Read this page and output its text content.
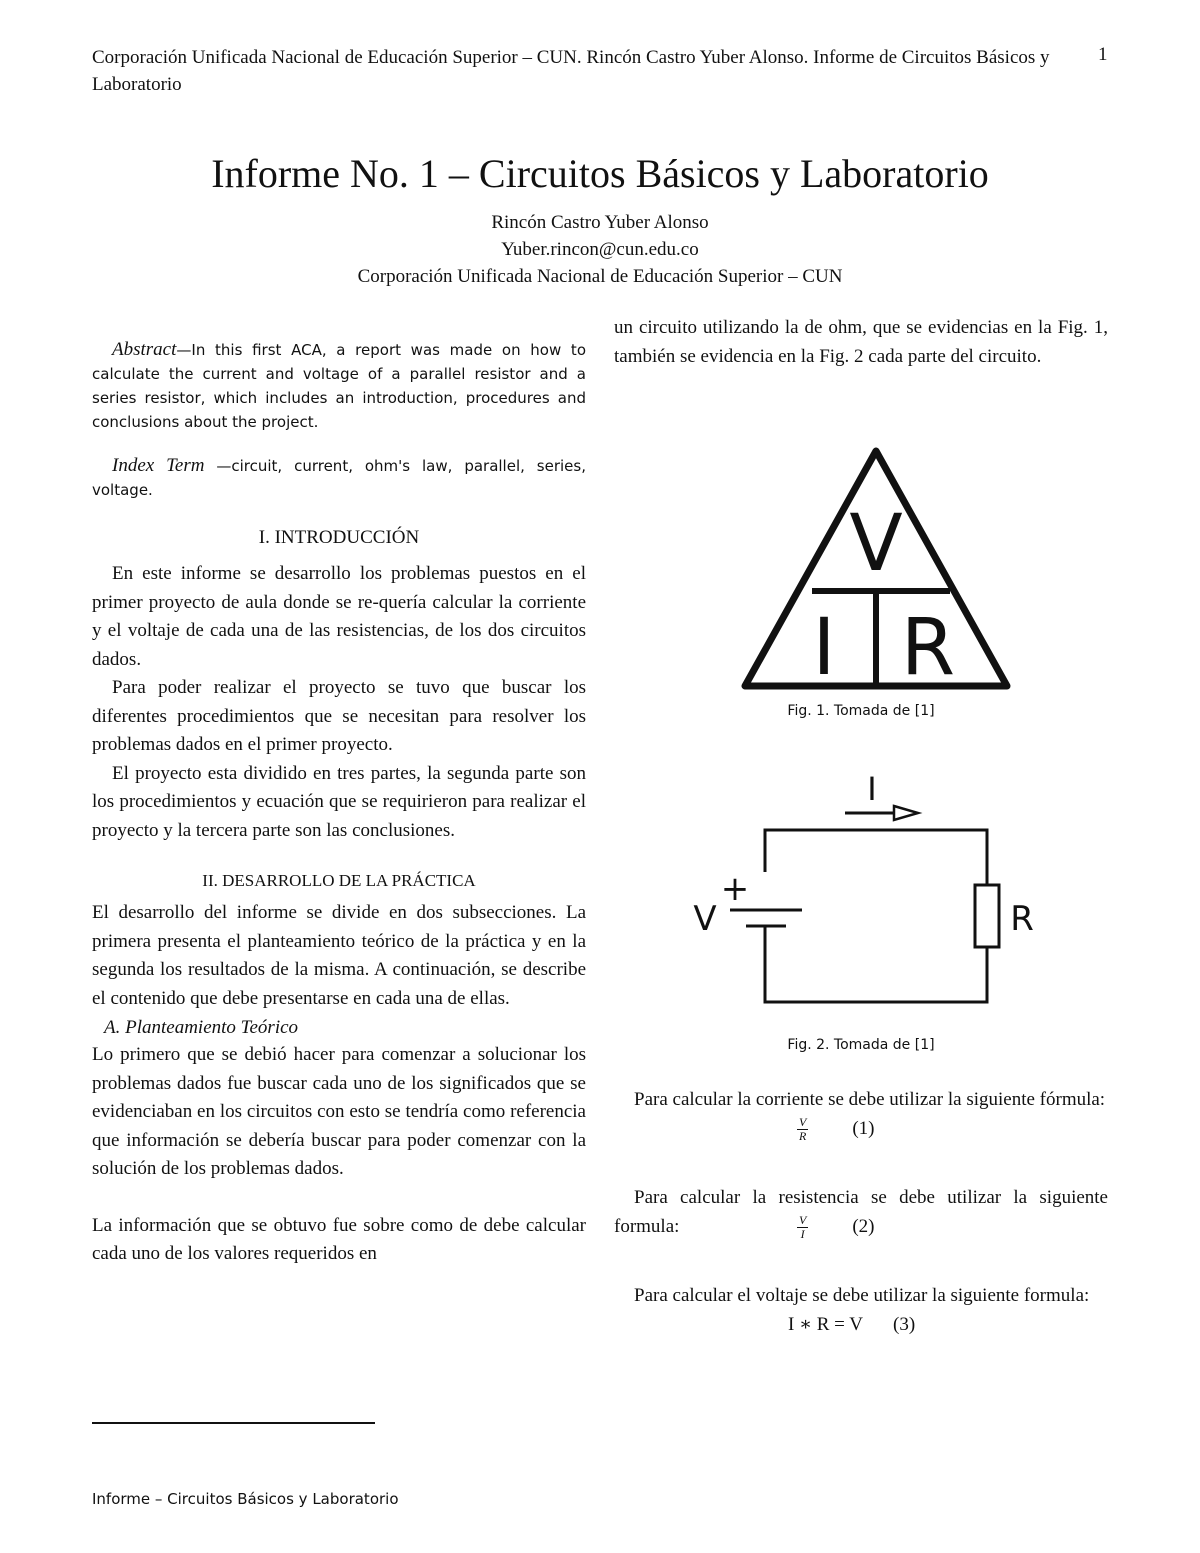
Corporación Unificada Nacional de Educación Superior – CUN. Rincón Castro Yuber Alonso. Informe de Circuitos Básicos y Laboratorio
1
Informe No. 1 – Circuitos Básicos y Laboratorio
Rincón Castro Yuber Alonso
Yuber.rincon@cun.edu.co
Corporación Unificada Nacional de Educación Superior – CUN

Abstract—In this first ACA, a report was made on how to calculate the current and voltage of a parallel resistor and a series resistor, which includes an introduction, procedures and conclusions about the project.

Index Term —circuit, current, ohm's law, parallel, series, voltage.

I. INTRODUCCIÓN

En este informe se desarrollo los problemas puestos en el primer proyecto de aula donde se re-quería calcular la corriente y el voltaje de cada una de las resistencias, de los dos circuitos dados.

Para poder realizar el proyecto se tuvo que buscar los diferentes procedimientos que se necesitan para resolver los problemas dados en el primer proyecto.

El proyecto esta dividido en tres partes, la segunda parte son los procedimientos y ecuación que se requirieron para realizar el proyecto y la tercera parte son las conclusiones.

II. DESARROLLO DE LA PRÁCTICA

El desarrollo del informe se divide en dos subsecciones. La primera presenta el planteamiento teórico de la práctica y en la segunda los resultados de la misma. A continuación, se describe el contenido que debe presentarse en cada una de ellas.

A. Planteamiento Teórico

Lo primero que se debió hacer para comenzar a solucionar los problemas dados fue buscar cada uno de los significados que se evidenciaban en los circuitos con esto se tendría como referencia que información se debería buscar para poder comenzar con la solución de los problemas dados.

La información que se obtuvo fue sobre como de debe calcular cada uno de los valores requeridos en

un circuito utilizando la de ohm, que se evidencias en la Fig. 1, también se evidencia en la Fig. 2 cada parte del circuito.

V
I R
Fig. 1. Tomada de [1]
I
+
V	R
Fig. 2. Tomada de [1]
Para calcular la corriente se debe utilizar la siguiente fórmula:
$\frac{V}{R} (1)$
Para calcular la resistencia se debe utilizar la siguiente formula:	$\frac{V}{I} (2)$
Para calcular el voltaje se debe utilizar la siguiente formula:
I ∗ R = V (3)
Informe – Circuitos Básicos y Laboratorio
